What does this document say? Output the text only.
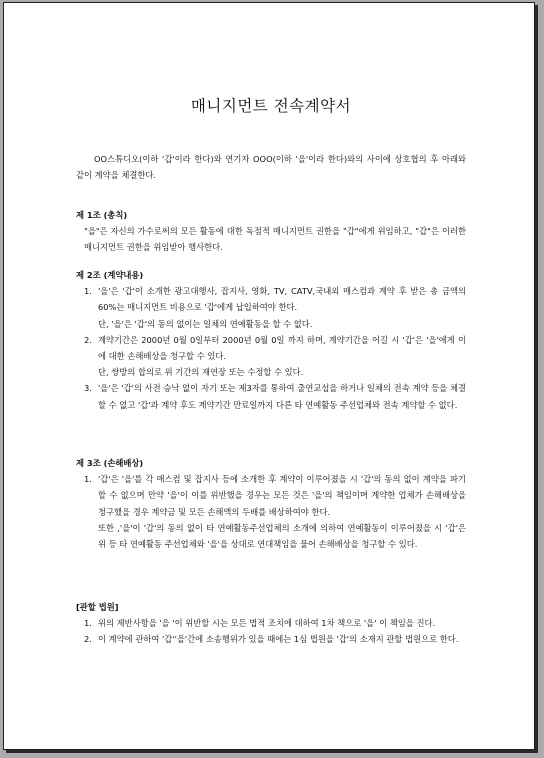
매니지먼트 전속계약서

OO스튜디오(이하 '갑'이라 한다)와 연기자 OOO(이하 '을'이라 한다)와의 사이에 상호협의 후 아래와 같이 계약을 체결한다.

제 1조 (총칙)

"을"은 자신의 가수로써의 모든 활동에 대한 독점적 매니지먼트 권한을 "갑"에게 위임하고, "갑"은 이러한 매니지먼트 권한을 위임받아 행사한다.

제 2조 (계약내용)

1. '을'은 '갑'이 소개한 광고대행사, 잡지사, 영화, TV, CATV,국내외 매스컴과 계약 후 받은 총 금액의 60%는 매니지먼트 비용으로 '갑'에게 납입하여야 한다.
단, '을'은 '갑'의 동의 없이는 일체의 연예활동을 할 수 없다.
2. 계약기간은 2000년 0월 0일부터 2000년 0월 0일 까지 하며, 계약기간을 어길 시 '갑'은 '을'에게 이에 대한 손해배상을 청구할 수 있다.
단, 쌍방의 합의로 위 기간의 재연장 또는 수정할 수 있다.
3. '을'은 '갑'의 사전 승낙 없이 자기 또는 제3자를 통하여 출연교섭을 하거나 일체의 전속 계약 등을 체결할 수 없고 '갑'과 계약 후도 계약기간 만료일까지 다른 타 연예활동 주선업체와 전속 계약할 수 없다.

제 3조 (손해배상)

1. '갑'은 '을'를 각 매스컴 및 잡지사 등에 소개한 후 계약이 이루어졌을 시 '갑'의 동의 없이 계약을 파기할 수 없으며 만약 '을'이 이를 위반했을 경우는 모든 것은 '을'의 책임이며 계약한 업체가 손해배상을 청구했을 경우 계약금 및 모든 손해액의 두배를 배상하여야 한다.
또한 ,'을'이 '갑'의 동의 없이 타 연예활동주선업체의 소개에 의하여 연예활동이 이루어졌을 시 '갑'은 위 등 타 연예활동 주선업체와 '을'을 상대로 연대책임을 물어 손해배상을 청구할 수 있다.

[관할 법원]

1. 위의 제반사항을 '을 '이 위반할 시는 모든 법적 조치에 대하여 1차 책으로 '을' 이 책임을 진다.
2. 이 계약에 관하여 '갑''을'간에 소송행위가 있을 때에는 1심 법원을 '갑'의 소재지 관할 법원으로 한다.
